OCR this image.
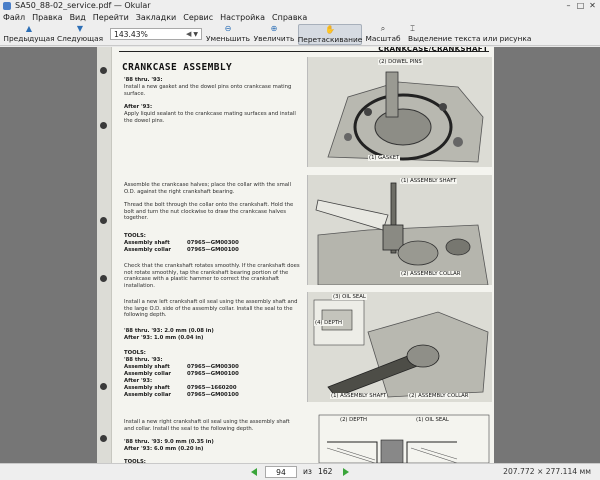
SA50_88-02_service.pdf — Okular	– □ ✕
Файл Правка Вид Перейти Закладки Сервис Настройка Справка
▲
Предыдущая
▼
Следующая	143.43%	◀ ▼
⊖
Уменьшить
⊕
Увеличить
✋
Перетаскивание
⌕
Масштаб
⌶
Выделение текста или рисунка
CRANKCASE/CRANKSHAFT
CRANKCASE ASSEMBLY
'88 thru. '93:
Install a new gasket and the dowel pins onto crankcase mating surface.
After '93:
Apply liquid sealant to the crankcase mating surfaces and install the dowel pins.
Assemble the crankcase halves; place the collar with the small O.D. against the right crankshaft bearing.
Thread the bolt through the collar onto the crankshaft. Hold the bolt and turn the nut clockwise to draw the crankcase halves together.
TOOLS:
Assembly shaft	07965—GM00300
Assembly collar	07965—GM00100
Check that the crankshaft rotates smoothly. If the crankshaft does not rotate smoothly, tap the crankshaft bearing portion of the crankcase with a plastic hammer to correct the crankshaft installation.
Install a new left crankshaft oil seal using the assembly shaft and the large O.D. side of the assembly collar. Install the seal to the following depth.
'88 thru. '93: 2.0 mm (0.08 in)
After '93: 1.0 mm (0.04 in)
TOOLS:
'88 thru. '93:
Assembly shaft	07965—GM00300
Assembly collar	07965—GM00100
After '93:
Assembly shaft	07965—1660200
Assembly collar	07965—GM00100
Install a new right crankshaft oil seal using the assembly shaft and collar. Install the seal to the following depth.
'88 thru. '93: 9.0 mm (0.35 in)
After '93: 6.0 mm (0.20 in)
TOOLS:
(2) DOWEL PINS
(1) GASKET
(1) ASSEMBLY SHAFT
(2) ASSEMBLY COLLAR
(3) OIL SEAL
(4) DEPTH
(1) ASSEMBLY SHAFT	(2) ASSEMBLY COLLAR
(2) DEPTH	(1) OIL SEAL
94	из 162	207.772 × 277.114 мм
